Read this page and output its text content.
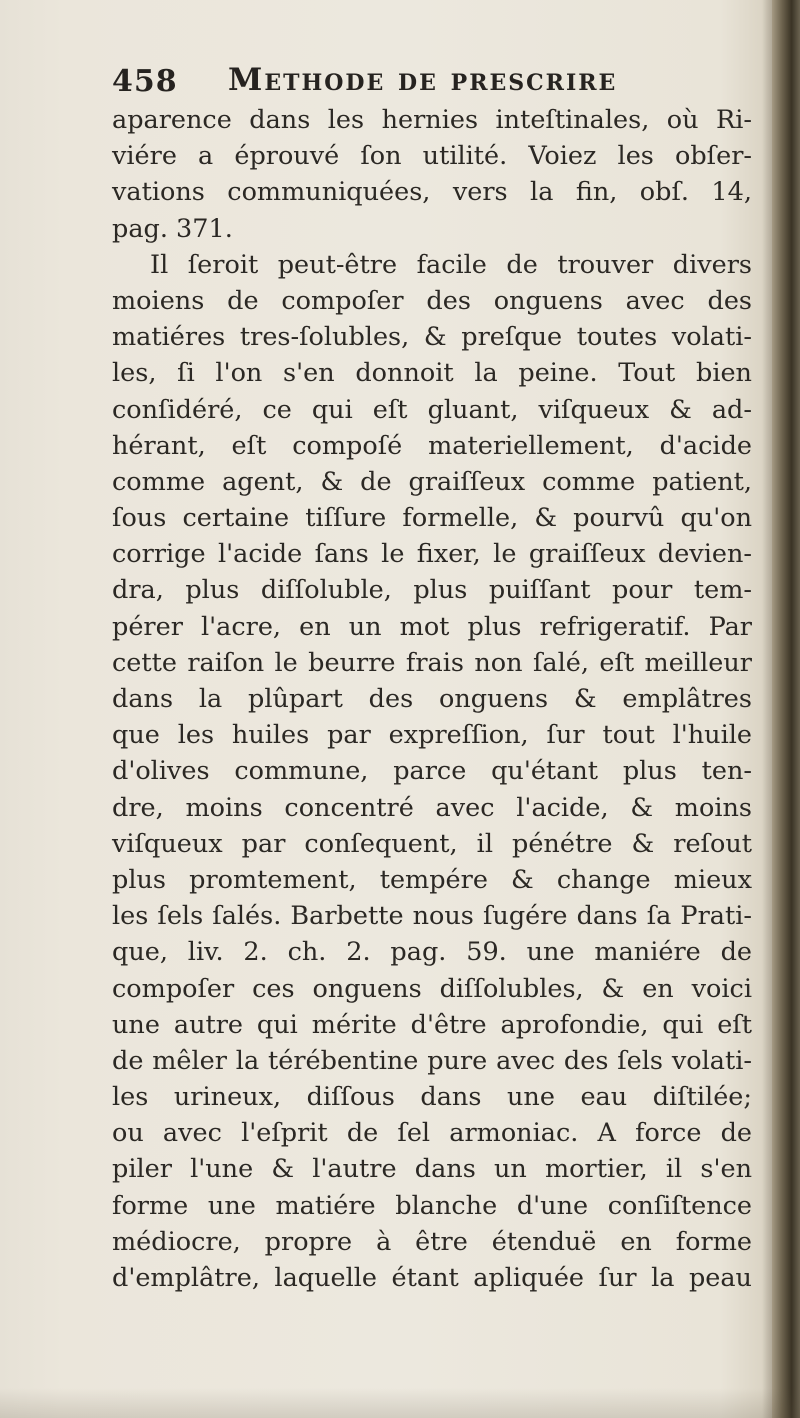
458 Methode de prescrire
aparence dans les hernies inteſtinales, où Ri-
viére a éprouvé ſon utilité. Voiez les obſer-
vations communiquées, vers la fin, obſ. 14,
pag. 371.
Il ſeroit peut-être facile de trouver divers
moiens de compoſer des onguens avec des
matiéres tres-ſolubles, & preſque toutes volati-
les, ſi l'on s'en donnoit la peine. Tout bien
conſidéré, ce qui eſt gluant, viſqueux & ad-
hérant, eſt compoſé materiellement, d'acide
comme agent, & de graiſſeux comme patient,
ſous certaine tiſſure formelle, & pourvû qu'on
corrige l'acide ſans le fixer, le graiſſeux devien-
dra, plus diſſoluble, plus puiſſant pour tem-
pérer l'acre, en un mot plus refrigeratif. Par
cette raiſon le beurre frais non ſalé, eſt meilleur
dans la plûpart des onguens & emplâtres
que les huiles par expreſſion, ſur tout l'huile
d'olives commune, parce qu'étant plus ten-
dre, moins concentré avec l'acide, & moins
viſqueux par conſequent, il pénétre & reſout
plus promtement, tempére & change mieux
les ſels ſalés. Barbette nous ſugére dans ſa Prati-
que, liv. 2. ch. 2. pag. 59. une maniére de
compoſer ces onguens diſſolubles, & en voici
une autre qui mérite d'être aprofondie, qui eſt
de mêler la térébentine pure avec des ſels volati-
les urineux, diſſous dans une eau diſtilée;
ou avec l'eſprit de ſel armoniac. A force de
piler l'une & l'autre dans un mortier, il s'en
forme une matiére blanche d'une conſiſtence
médiocre, propre à être étenduë en forme
d'emplâtre, laquelle étant apliquée ſur la peau
